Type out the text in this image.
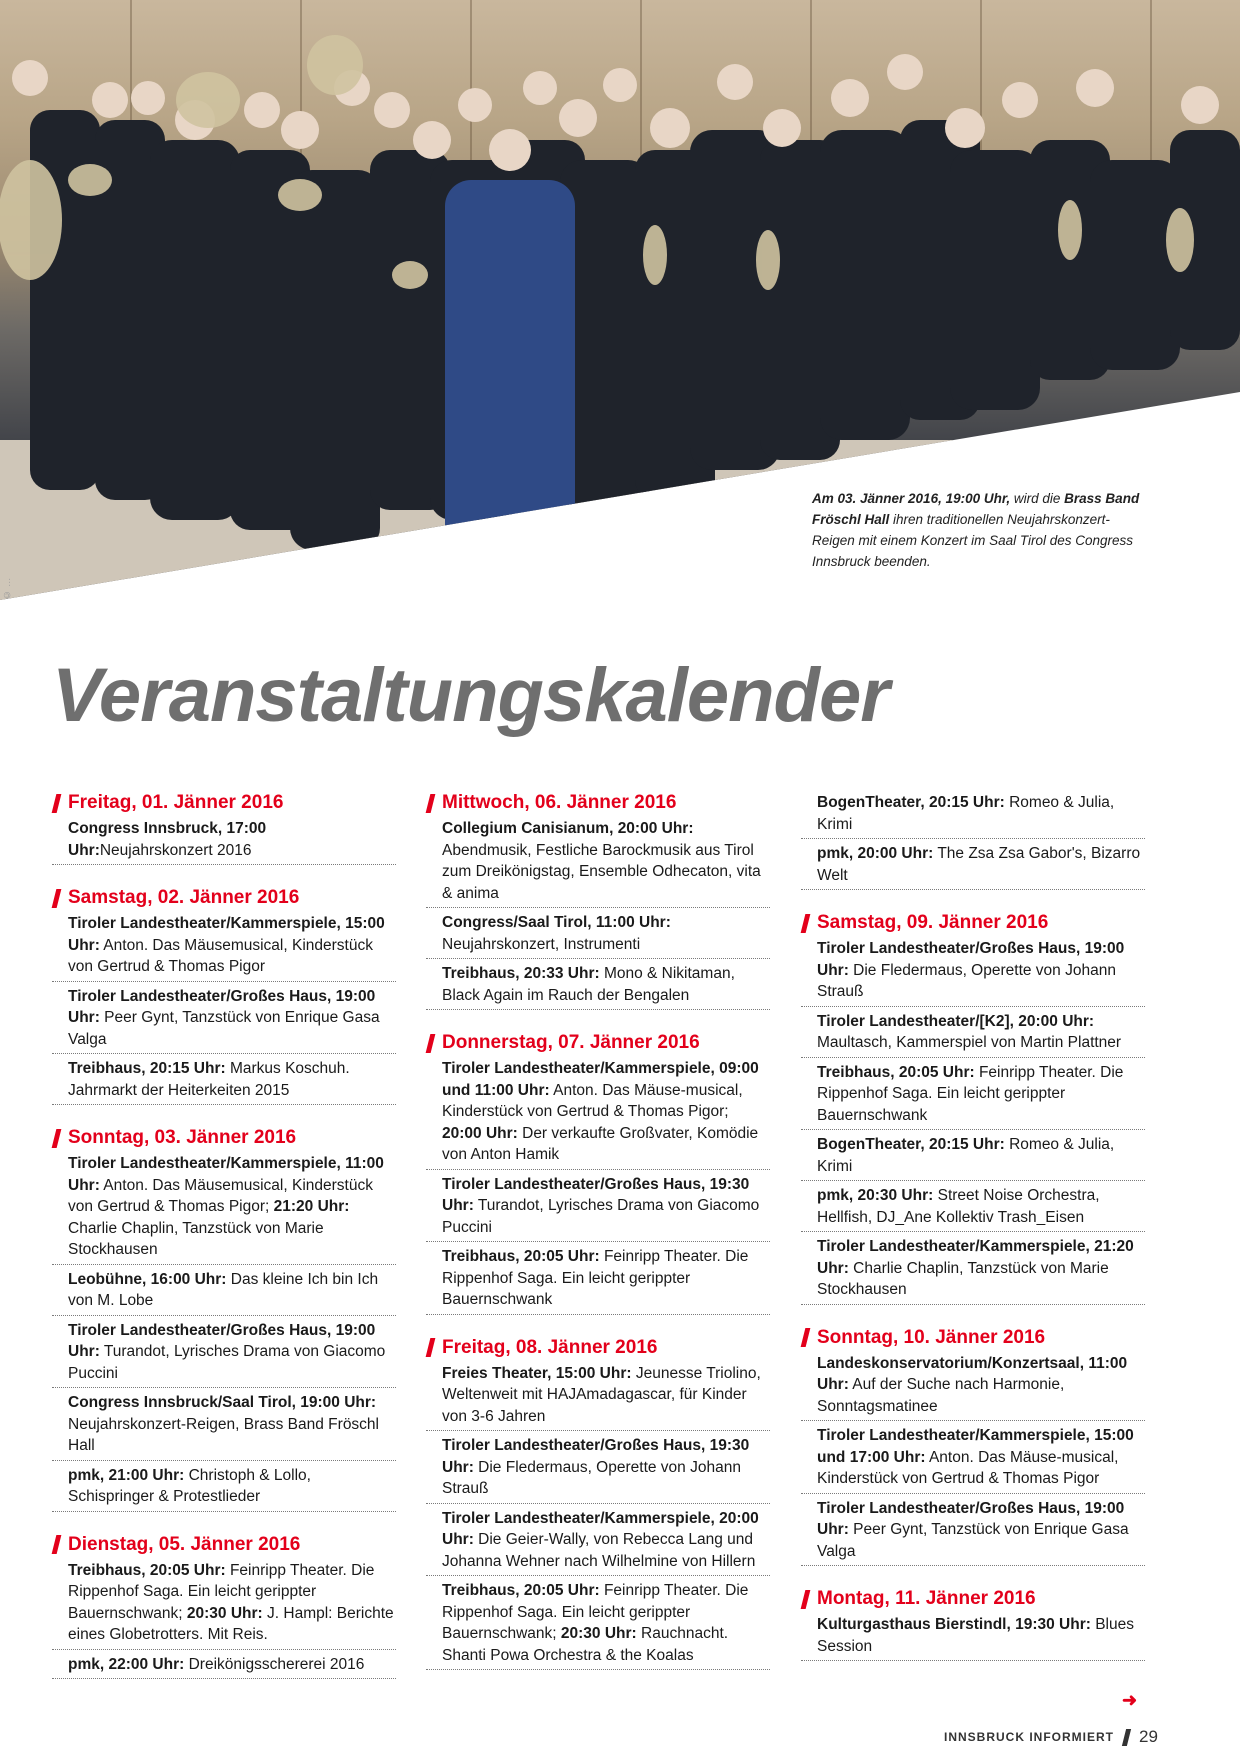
© ...
Am 03. Jänner 2016, 19:00 Uhr, wird die Brass Band Fröschl Hall ihren traditionellen Neujahrskonzert-Reigen mit einem Konzert im Saal Tirol des Congress Innsbruck beenden.
Veranstaltungskalender
Freitag, 01. Jänner 2016
Congress Innsbruck, 17:00 Uhr:Neujahrskonzert 2016
Samstag, 02. Jänner 2016
Tiroler Landestheater/Kammerspiele, 15:00 Uhr: Anton. Das Mäusemusical, Kinderstück von Gertrud & Thomas Pigor
Tiroler Landestheater/Großes Haus, 19:00 Uhr: Peer Gynt, Tanzstück von Enrique Gasa Valga
Treibhaus, 20:15 Uhr: Markus Koschuh. Jahrmarkt der Heiterkeiten 2015
Sonntag, 03. Jänner 2016
Tiroler Landestheater/Kammerspiele, 11:00 Uhr: Anton. Das Mäusemusical, Kinderstück von Gertrud & Thomas Pigor; 21:20 Uhr: Charlie Chaplin, Tanzstück von Marie Stockhausen
Leobühne, 16:00 Uhr: Das kleine Ich bin Ich von M. Lobe
Tiroler Landestheater/Großes Haus, 19:00 Uhr: Turandot, Lyrisches Drama von Giacomo Puccini
Congress Innsbruck/Saal Tirol, 19:00 Uhr: Neujahrskonzert-Reigen, Brass Band Fröschl Hall
pmk, 21:00 Uhr: Christoph & Lollo, Schispringer & Protestlieder
Dienstag, 05. Jänner 2016
Treibhaus, 20:05 Uhr: Feinripp Theater. Die Rippenhof Saga. Ein leicht gerippter Bauernschwank; 20:30 Uhr: J. Hampl: Berichte eines Globetrotters. Mit Reis.
pmk, 22:00 Uhr: Dreikönigsschererei 2016
Mittwoch, 06. Jänner 2016
Collegium Canisianum, 20:00 Uhr: Abendmusik, Festliche Barockmusik aus Tirol zum Dreikönigstag, Ensemble Odhecaton, vita & anima
Congress/Saal Tirol, 11:00 Uhr: Neujahrskonzert, Instrumenti
Treibhaus, 20:33 Uhr: Mono & Nikitaman, Black Again im Rauch der Bengalen
Donnerstag, 07. Jänner 2016
Tiroler Landestheater/Kammerspiele, 09:00 und 11:00 Uhr: Anton. Das Mäuse-musical, Kinderstück von Gertrud & Thomas Pigor; 20:00 Uhr: Der verkaufte Großvater, Komödie von Anton Hamik
Tiroler Landestheater/Großes Haus, 19:30 Uhr: Turandot, Lyrisches Drama von Giacomo Puccini
Treibhaus, 20:05 Uhr: Feinripp Theater. Die Rippenhof Saga. Ein leicht gerippter Bauernschwank
Freitag, 08. Jänner 2016
Freies Theater, 15:00 Uhr: Jeunesse Triolino, Weltenweit mit HAJAmadagascar, für Kinder von 3-6 Jahren
Tiroler Landestheater/Großes Haus, 19:30 Uhr: Die Fledermaus, Operette von Johann Strauß
Tiroler Landestheater/Kammerspiele, 20:00 Uhr: Die Geier-Wally, von Rebecca Lang und Johanna Wehner nach Wilhelmine von Hillern
Treibhaus, 20:05 Uhr: Feinripp Theater. Die Rippenhof Saga. Ein leicht gerippter Bauernschwank; 20:30 Uhr: Rauchnacht. Shanti Powa Orchestra & the Koalas
BogenTheater, 20:15 Uhr: Romeo & Julia, Krimi
pmk, 20:00 Uhr: The Zsa Zsa Gabor's, Bizarro Welt
Samstag, 09. Jänner 2016
Tiroler Landestheater/Großes Haus, 19:00 Uhr: Die Fledermaus, Operette von Johann Strauß
Tiroler Landestheater/[K2], 20:00 Uhr: Maultasch, Kammerspiel von Martin Plattner
Treibhaus, 20:05 Uhr: Feinripp Theater. Die Rippenhof Saga. Ein leicht gerippter Bauernschwank
BogenTheater, 20:15 Uhr: Romeo & Julia, Krimi
pmk, 20:30 Uhr: Street Noise Orchestra, Hellfish, DJ_Ane Kollektiv Trash_Eisen
Tiroler Landestheater/Kammerspiele, 21:20 Uhr: Charlie Chaplin, Tanzstück von Marie Stockhausen
Sonntag, 10. Jänner 2016
Landeskonservatorium/Konzertsaal, 11:00 Uhr: Auf der Suche nach Harmonie, Sonntagsmatinee
Tiroler Landestheater/Kammerspiele, 15:00 und 17:00 Uhr: Anton. Das Mäuse-musical, Kinderstück von Gertrud & Thomas Pigor
Tiroler Landestheater/Großes Haus, 19:00 Uhr: Peer Gynt, Tanzstück von Enrique Gasa Valga
Montag, 11. Jänner 2016
Kulturgasthaus Bierstindl, 19:30 Uhr: Blues Session
➜
INNSBRUCK INFORMIERT 29
